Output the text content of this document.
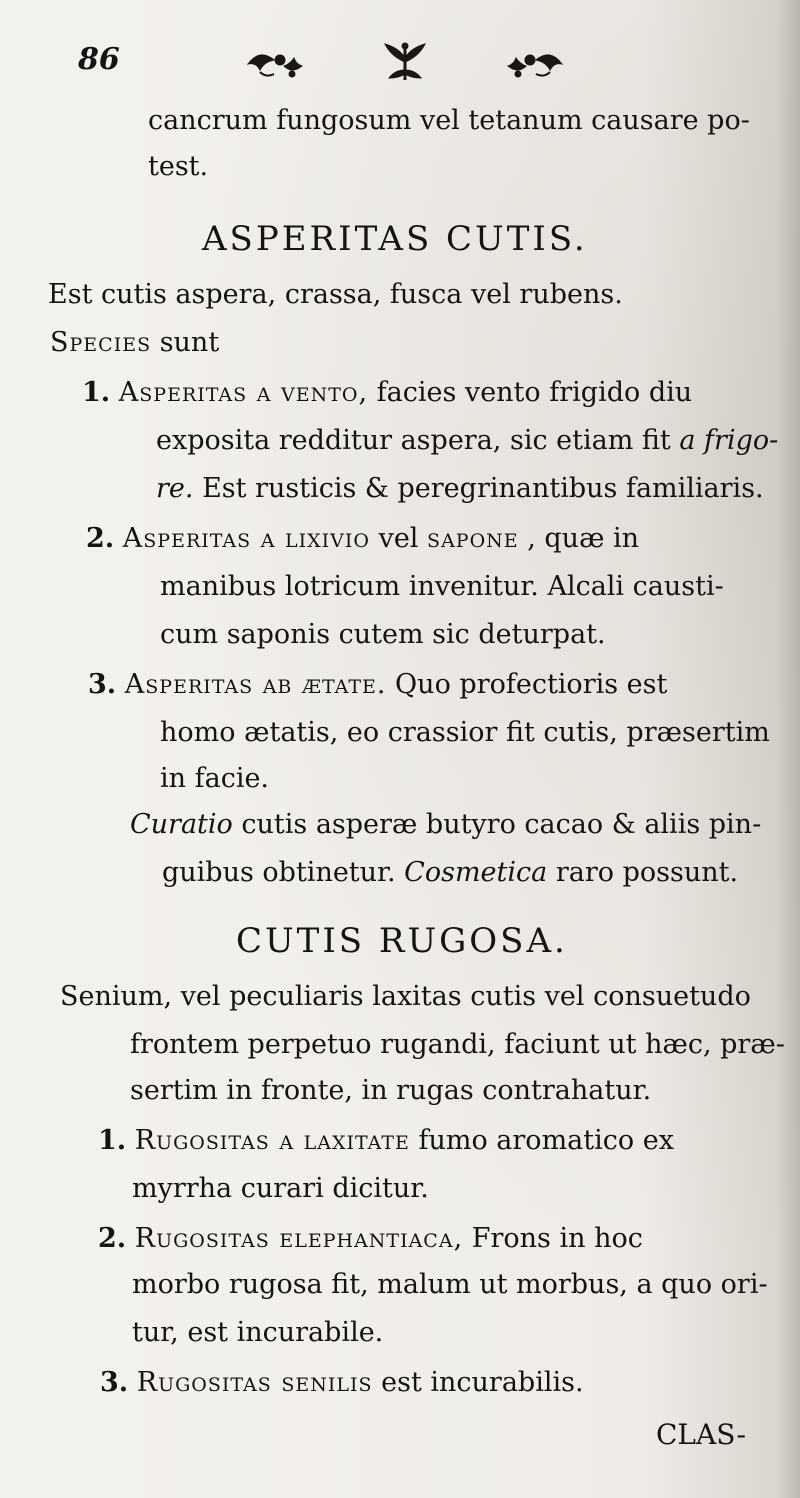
86
cancrum fungosum vel tetanum causare po-
test.
ASPERITAS CUTIS.
Est cutis aspera, crassa, fusca vel rubens.
Species sunt
1. Asperitas a vento, facies vento frigido diu
exposita redditur aspera, sic etiam fit a frigo-
re. Est rusticis & peregrinantibus familiaris.
2. Asperitas a lixivio vel sapone , quæ in
manibus lotricum invenitur. Alcali causti-
cum saponis cutem sic deturpat.
3. Asperitas ab ætate. Quo profectioris est
homo ætatis, eo crassior fit cutis, præsertim
in facie.
Curatio cutis asperæ butyro cacao & aliis pin-
guibus obtinetur. Cosmetica raro possunt.
CUTIS RUGOSA.
Senium, vel peculiaris laxitas cutis vel consuetudo
frontem perpetuo rugandi, faciunt ut hæc, præ-
sertim in fronte, in rugas contrahatur.
1. Rugositas a laxitate fumo aromatico ex
myrrha curari dicitur.
2. Rugositas elephantiaca, Frons in hoc
morbo rugosa fit, malum ut morbus, a quo ori-
tur, est incurabile.
3. Rugositas senilis est incurabilis.
CLAS-
